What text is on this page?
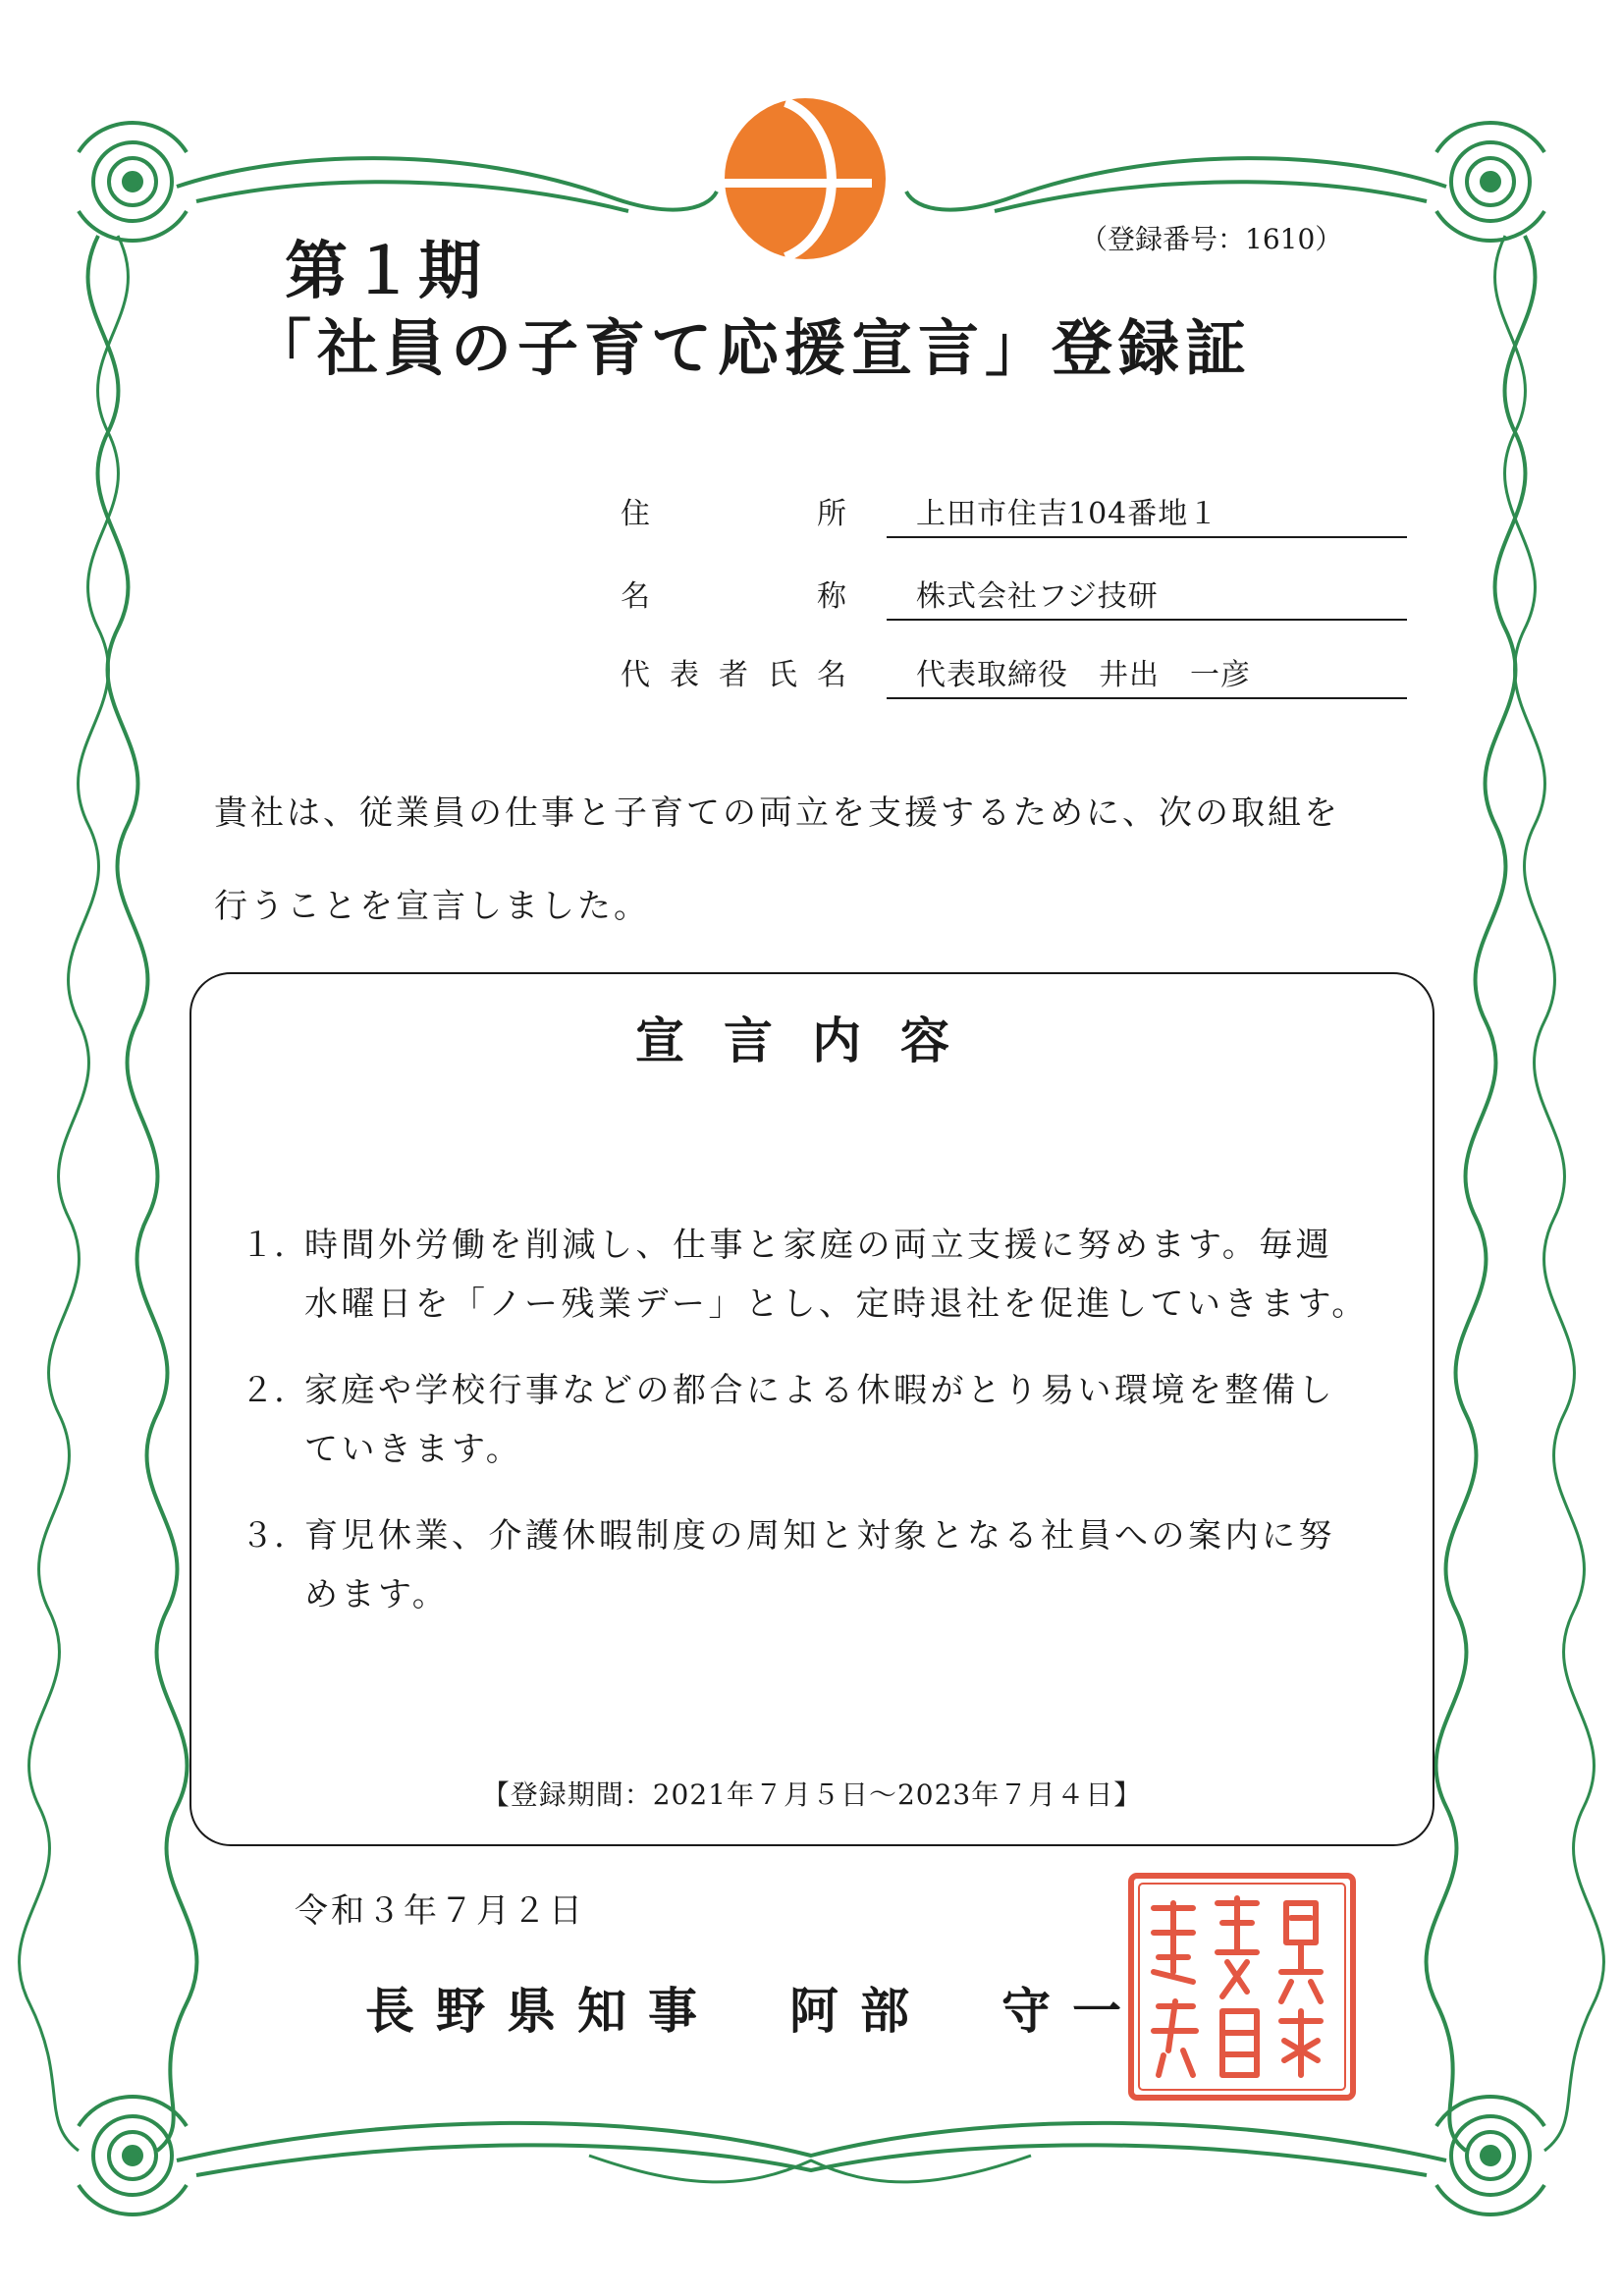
第１期	（登録番号：1610）
「社員の子育て応援宣言」登録証
住	所	上田市住吉104番地１
名	称	株式会社フジ技研
代 表 者 氏 名	代表取締役　井出　一彦
貴社は、従業員の仕事と子育ての両立を支援するために、次の取組を
行うことを宣言しました。
宣言内容
１. 時間外労働を削減し、仕事と家庭の両立支援に努めます。毎週
水曜日を「ノー残業デー」とし、定時退社を促進していきます。
２. 家庭や学校行事などの都合による休暇がとり易い環境を整備し
ていきます。
３. 育児休業、介護休暇制度の周知と対象となる社員への案内に努
めます。
【登録期間：2021年７月５日～2023年７月４日】
令和３年７月２日
長野県知事　阿部　守一
